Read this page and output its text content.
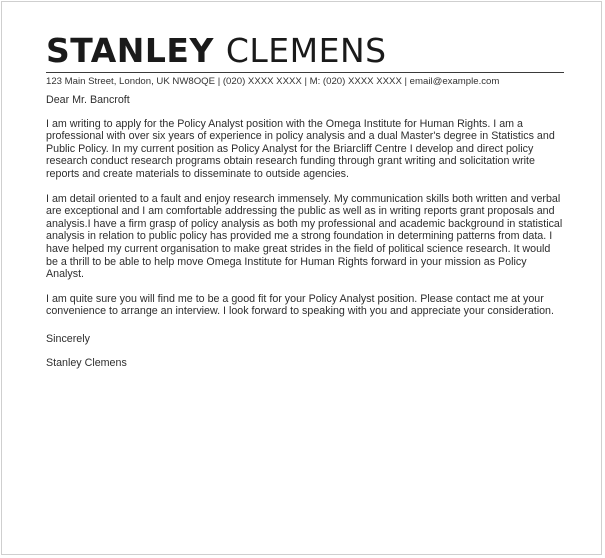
STANLEY CLEMENS
123 Main Street, London, UK NW8OQE | (020) XXXX XXXX | M: (020) XXXX XXXX | email@example.com
Dear Mr. Bancroft

I am writing to apply for the Policy Analyst position with the Omega Institute for Human Rights. I am a professional with over six years of experience in policy analysis and a dual Master's degree in Statistics and Public Policy. In my current position as Policy Analyst for the Briarcliff Centre I develop and direct policy research conduct research programs obtain research funding through grant writing and solicitation write reports and create materials to disseminate to outside agencies.

I am detail oriented to a fault and enjoy research immensely. My communication skills both written and verbal are exceptional and I am comfortable addressing the public as well as in writing reports grant proposals and analysis.I have a firm grasp of policy analysis as both my professional and academic background in statistical analysis in relation to public policy has provided me a strong foundation in determining patterns from data. I have helped my current organisation to make great strides in the field of political science research. It would be a thrill to be able to help move Omega Institute for Human Rights forward in your mission as Policy Analyst.

I am quite sure you will find me to be a good fit for your Policy Analyst position. Please contact me at your convenience to arrange an interview. I look forward to speaking with you and appreciate your consideration.

Sincerely
Stanley Clemens
